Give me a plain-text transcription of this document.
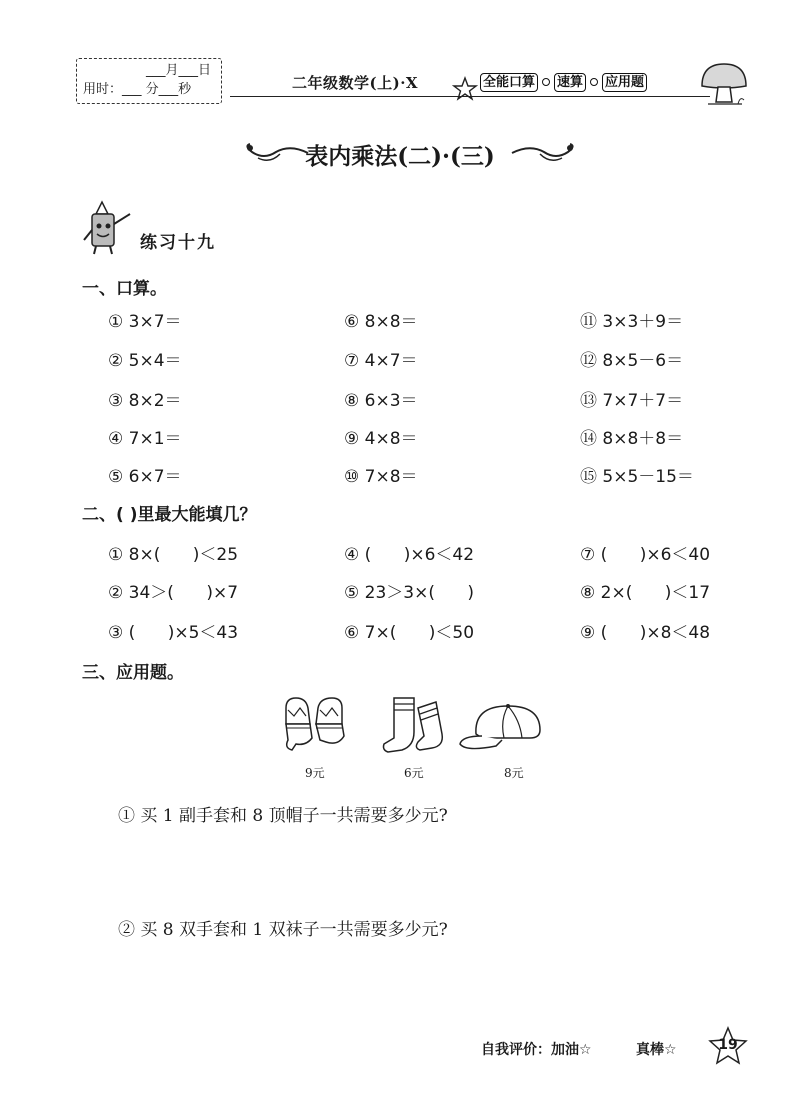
___月___日
用时：___ 分___秒	二年级数学(上)·X	全能口算 速算 应用题
表内乘法(二)·(三)
练习十九
一、口算。
① 3×7＝	⑥ 8×8＝	⑪ 3×3＋9＝
② 5×4＝	⑦ 4×7＝	⑫ 8×5－6＝
③ 8×2＝	⑧ 6×3＝	⑬ 7×7＋7＝
④ 7×1＝	⑨ 4×8＝	⑭ 8×8＋8＝
⑤ 6×7＝	⑩ 7×8＝	⑮ 5×5－15＝
二、( )里最大能填几？
① 8×(      )＜25	④ (      )×6＜42	⑦ (      )×6＜40
② 34＞(      )×7	⑤ 23＞3×(      )	⑧ 2×(      )＜17
③ (      )×5＜43	⑥ 7×(      )＜50	⑨ (      )×8＜48
三、应用题。
9元	6元	8元
① 买 1 副手套和 8 顶帽子一共需要多少元?
② 买 8 双手套和 1 双袜子一共需要多少元?
自我评价：加油☆	真棒☆	19
